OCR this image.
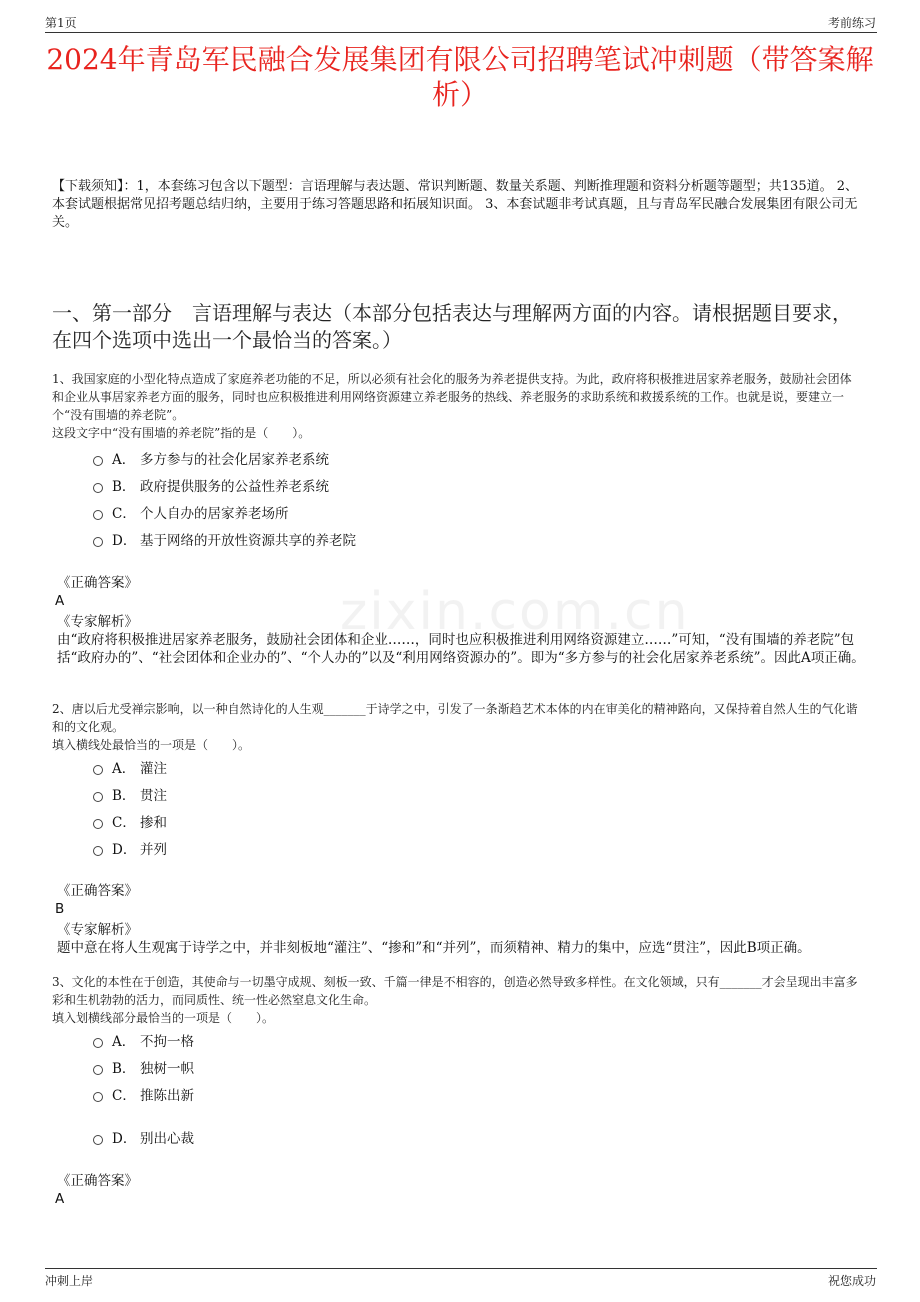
第1页	考前练习
2024年青岛军民融合发展集团有限公司招聘笔试冲刺题（带答案解析）
【下载须知】：1，本套练习包含以下题型：言语理解与表达题、常识判断题、数量关系题、判断推理题和资料分析题等题型；共135道。 2、本套试题根据常见招考题总结归纳，主要用于练习答题思路和拓展知识面。 3、本套试题非考试真题，且与青岛军民融合发展集团有限公司无关。
一、第一部分　言语理解与表达（本部分包括表达与理解两方面的内容。请根据题目要求，在四个选项中选出一个最恰当的答案。）
zixin.com.cn
1、我国家庭的小型化特点造成了家庭养老功能的不足，所以必须有社会化的服务为养老提供支持。为此，政府将积极推进居家养老服务，鼓励社会团体和企业从事居家养老方面的服务，同时也应积极推进利用网络资源建立养老服务的热线、养老服务的求助系统和救援系统的工作。也就是说，要建立一个“没有围墙的养老院”。
这段文字中“没有围墙的养老院”指的是（　　）。
A． 多方参与的社会化居家养老系统
B． 政府提供服务的公益性养老系统
C． 个人自办的居家养老场所
D． 基于网络的开放性资源共享的养老院
《正确答案》
A
《专家解析》
由“政府将积极推进居家养老服务，鼓励社会团体和企业……，同时也应积极推进利用网络资源建立……”可知，“没有围墙的养老院”包括“政府办的”、“社会团体和企业办的”、“个人办的”以及“利用网络资源办的”。即为“多方参与的社会化居家养老系统”。因此A项正确。
2、唐以后尤受禅宗影响，以一种自然诗化的人生观_______于诗学之中，引发了一条渐趋艺术本体的内在审美化的精神路向，又保持着自然人生的气化谐和的文化观。
填入横线处最恰当的一项是（　　）。
A． 灌注
B． 贯注
C． 掺和
D． 并列
《正确答案》
B
《专家解析》
题中意在将人生观寓于诗学之中，并非刻板地“灌注”、“掺和”和“并列”，而须精神、精力的集中，应选“贯注”，因此B项正确。
3、文化的本性在于创造，其使命与一切墨守成规、刻板一致、千篇一律是不相容的，创造必然导致多样性。在文化领域，只有_______才会呈现出丰富多彩和生机勃勃的活力，而同质性、统一性必然窒息文化生命。
填入划横线部分最恰当的一项是（　　）。
A． 不拘一格
B． 独树一帜
C． 推陈出新
D． 别出心裁
《正确答案》
A
冲刺上岸	祝您成功
